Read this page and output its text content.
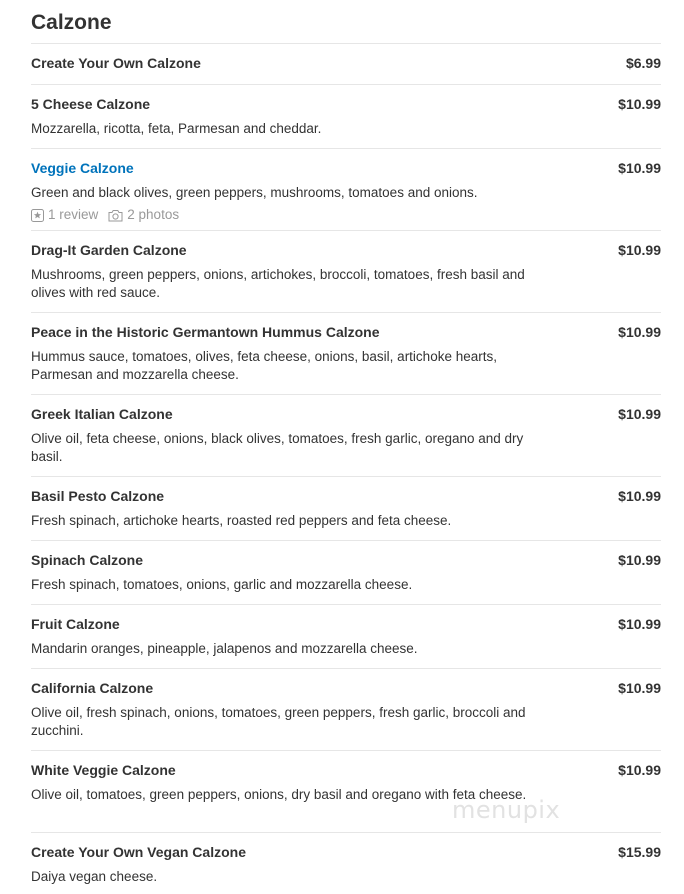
Calzone
Create Your Own Calzone	$6.99
5 Cheese Calzone	$10.99
Mozzarella, ricotta, feta, Parmesan and cheddar.
Veggie Calzone	$10.99
Green and black olives, green peppers, mushrooms, tomatoes and onions.
1 review 2 photos
Drag-It Garden Calzone	$10.99
Mushrooms, green peppers, onions, artichokes, broccoli, tomatoes, fresh basil and olives with red sauce.
Peace in the Historic Germantown Hummus Calzone	$10.99
Hummus sauce, tomatoes, olives, feta cheese, onions, basil, artichoke hearts, Parmesan and mozzarella cheese.
Greek Italian Calzone	$10.99
Olive oil, feta cheese, onions, black olives, tomatoes, fresh garlic, oregano and dry basil.
Basil Pesto Calzone	$10.99
Fresh spinach, artichoke hearts, roasted red peppers and feta cheese.
Spinach Calzone	$10.99
Fresh spinach, tomatoes, onions, garlic and mozzarella cheese.
Fruit Calzone	$10.99
Mandarin oranges, pineapple, jalapenos and mozzarella cheese.
California Calzone	$10.99
Olive oil, fresh spinach, onions, tomatoes, green peppers, fresh garlic, broccoli and zucchini.
White Veggie Calzone	$10.99
Olive oil, tomatoes, green peppers, onions, dry basil and oregano with feta cheese.
Create Your Own Vegan Calzone	$15.99
Daiya vegan cheese.
menupix
